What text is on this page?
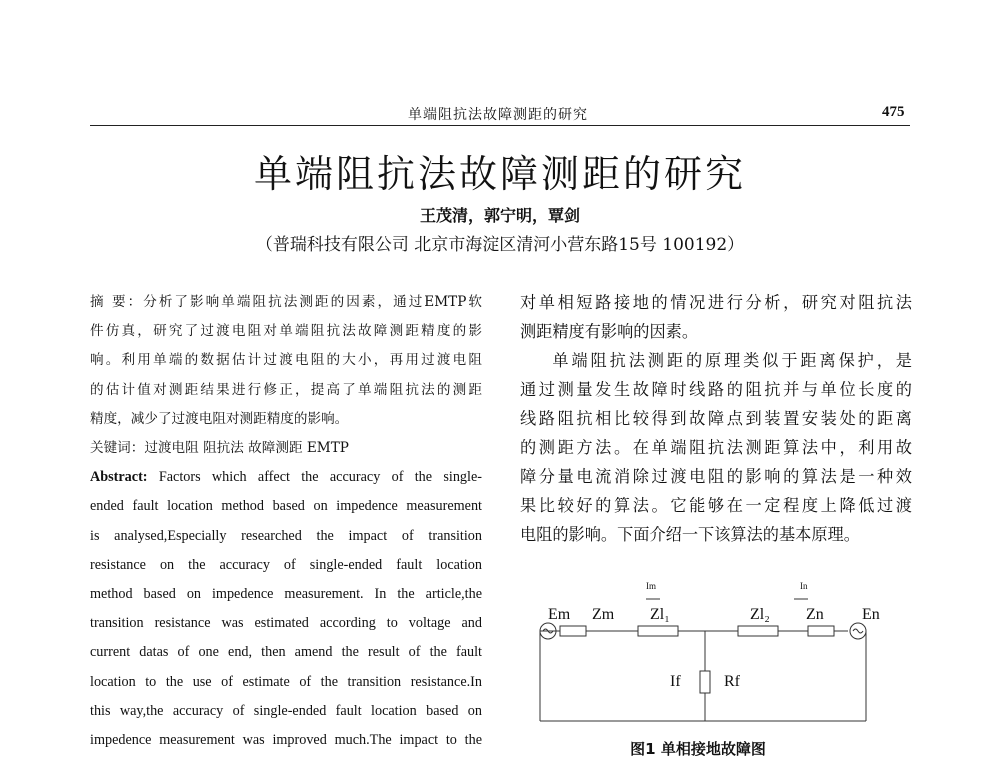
单端阻抗法故障测距的研究	475
单端阻抗法故障测距的研究
王茂清，郭宁明，覃剑
（普瑞科技有限公司 北京市海淀区清河小营东路15号 100192）

摘 要：分析了影响单端阻抗法测距的因素，通过EMTP软

件仿真，研究了过渡电阻对单端阻抗法故障测距精度的影

响。利用单端的数据估计过渡电阻的大小，再用过渡电阻

的估计值对测距结果进行修正，提高了单端阻抗法的测距

精度，减少了过渡电阻对测距精度的影响。

关键词：过渡电阻 阻抗法 故障测距 EMTP

Abstract: Factors which affect the accuracy of the single-
ended fault location method based on impedence measurement
is analysed,Especially researched the impact of transition
resistance on the accuracy of single-ended fault location
method based on impedence measurement. In the article,the
transition resistance was estimated according to voltage and
current datas of one end, then amend the result of the fault
location to the use of estimate of the transition resistance.In
this way,the accuracy of single-ended fault location based on
impedence measurement was improved much.The impact to the

对单相短路接地的情况进行分析，研究对阻抗法

测距精度有影响的因素。

单端阻抗法测距的原理类似于距离保护，是

通过测量发生故障时线路的阻抗并与单位长度的

线路阻抗相比较得到故障点到装置安装处的距离

的测距方法。在单端阻抗法测距算法中，利用故

障分量电流消除过渡电阻的影响的算法是一种效

果比较好的算法。它能够在一定程度上降低过渡

电阻的影响。下面介绍一下该算法的基本原理。

Im	In
Em Zm Zl₁	Zl₂ Zn En
If	Rf
图1 单相接地故障图
